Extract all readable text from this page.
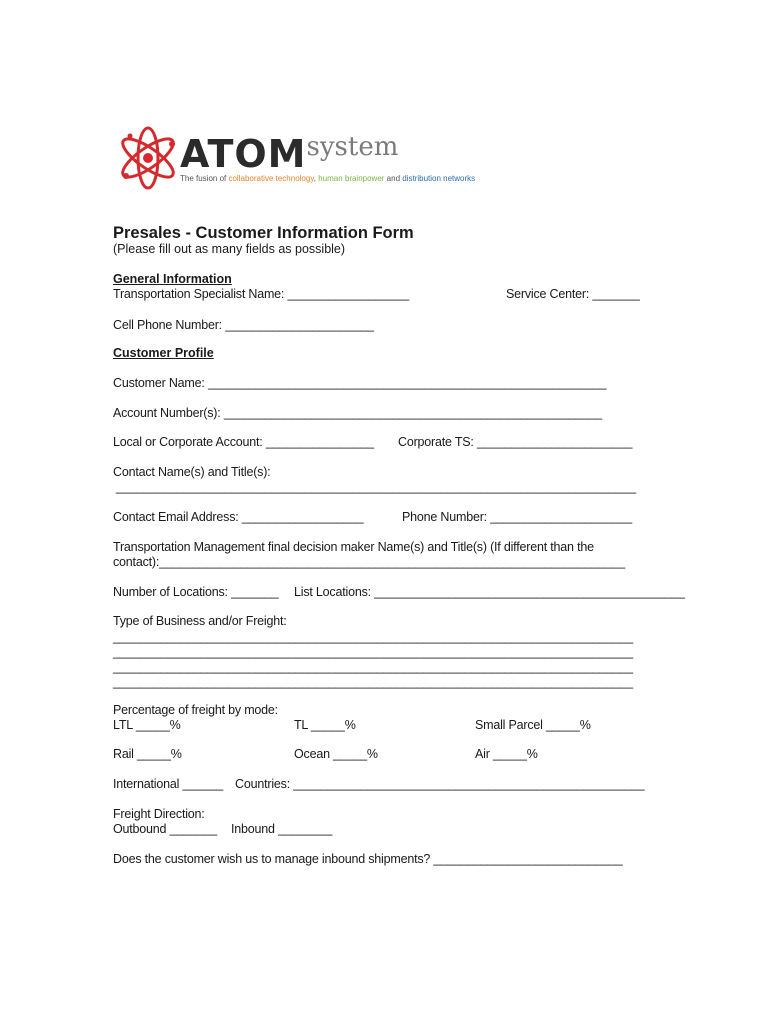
ATOMsystem
The fusion of collaborative technology, human brainpower and distribution networks
Presales - Customer Information Form
(Please fill out as many fields as possible)
General Information
Transportation Specialist Name: __________________	Service Center: _______
Cell Phone Number: ______________________
Customer Profile
Customer Name: ___________________________________________________________
Account Number(s): ________________________________________________________
Local or Corporate Account: ________________ Corporate TS: _______________________
Contact Name(s) and Title(s):
_____________________________________________________________________________
Contact Email Address: __________________	Phone Number: _____________________
Transportation Management final decision maker Name(s) and Title(s) (If different than the
contact):_____________________________________________________________________
Number of Locations: _______ List Locations: ______________________________________________
Type of Business and/or Freight:
_____________________________________________________________________________
_____________________________________________________________________________
_____________________________________________________________________________
_____________________________________________________________________________
Percentage of freight by mode:
LTL _____%	TL _____%	Small Parcel _____%
Rail _____%	Ocean _____%	Air _____%
International ______ Countries: ____________________________________________________
Freight Direction:
Outbound _______ Inbound ________
Does the customer wish us to manage inbound shipments? ____________________________
